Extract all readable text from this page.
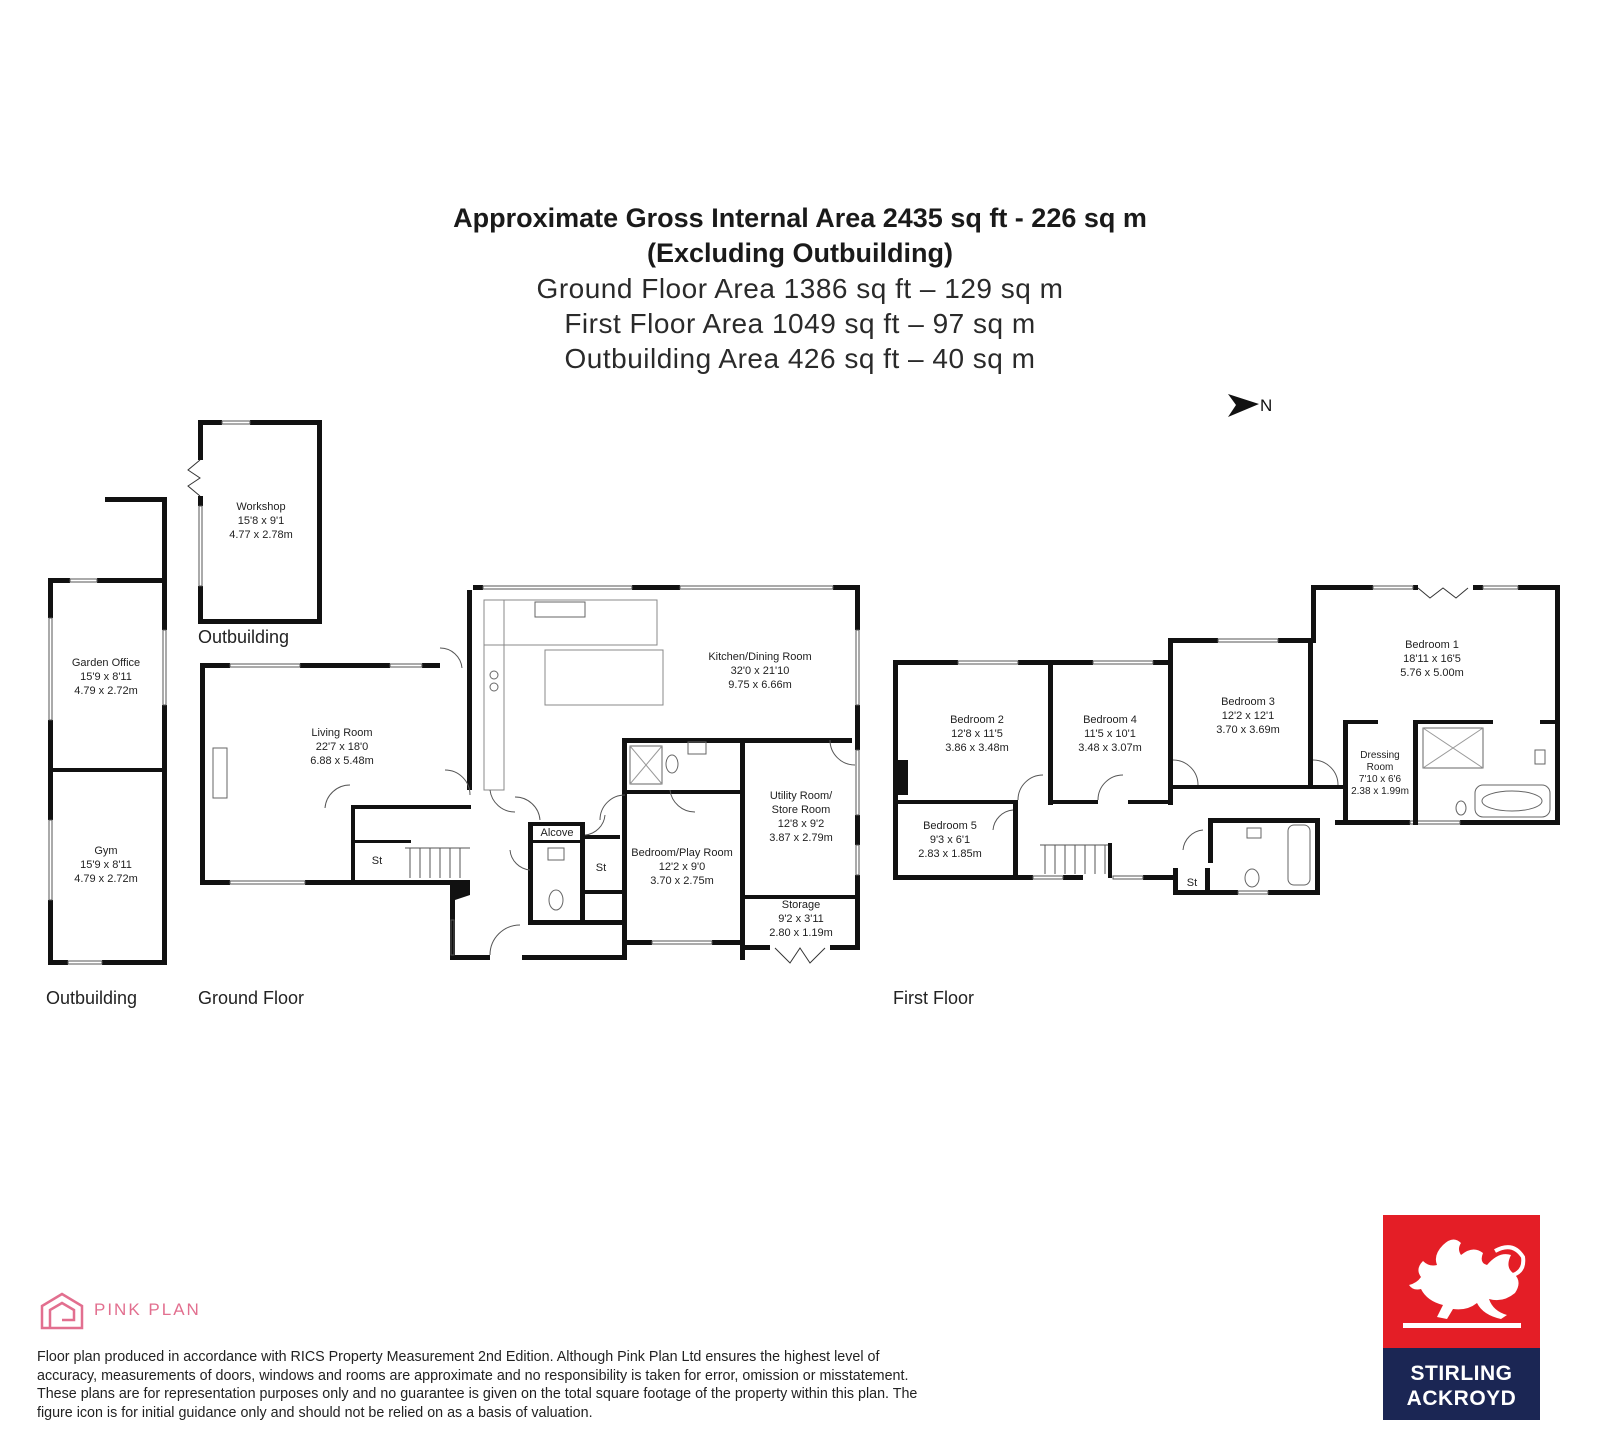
Approximate Gross Internal Area 2435 sq ft - 226 sq m
(Excluding Outbuilding)
Ground Floor Area 1386 sq ft – 129 sq m
First Floor Area 1049 sq ft – 97 sq m
Outbuilding Area 426 sq ft – 40 sq m
Workshop
15'8 x 9'1
4.77 x 2.78m
Garden Office
15'9 x 8'11
4.79 x 2.72m
Gym
15'9 x 8'11
4.79 x 2.72m
Living Room
22'7 x 18'0
6.88 x 5.48m
Kitchen/Dining Room
32'0 x 21'10
9.75 x 6.66m
Utility Room/
Store Room
12'8 x 9'2
3.87 x 2.79m
Bedroom/Play Room
12'2 x 9'0
3.70 x 2.75m
Storage
9'2 x 3'11
2.80 x 1.19m
Alcove
St
St
Bedroom 2
12'8 x 11'5
3.86 x 3.48m
Bedroom 4
11'5 x 10'1
3.48 x 3.07m
Bedroom 3
12'2 x 12'1
3.70 x 3.69m
Bedroom 1
18'11 x 16'5
5.76 x 5.00m
Bedroom 5
9'3 x 6'1
2.83 x 1.85m
Dressing
Room
7'10 x 6'6
2.38 x 1.99m
St
N
Outbuilding
Outbuilding	Ground Floor	First Floor
PINK PLAN

Floor plan produced in accordance with RICS Property Measurement 2nd Edition. Although Pink Plan Ltd ensures the highest level of accuracy, measurements of doors, windows and rooms are approximate and no responsibility is taken for error, omission or misstatement. These plans are for representation purposes only and no guarantee is given on the total square footage of the property within this plan. The figure icon is for initial guidance only and should not be relied on as a basis of valuation.

STIRLING
ACKROYD
